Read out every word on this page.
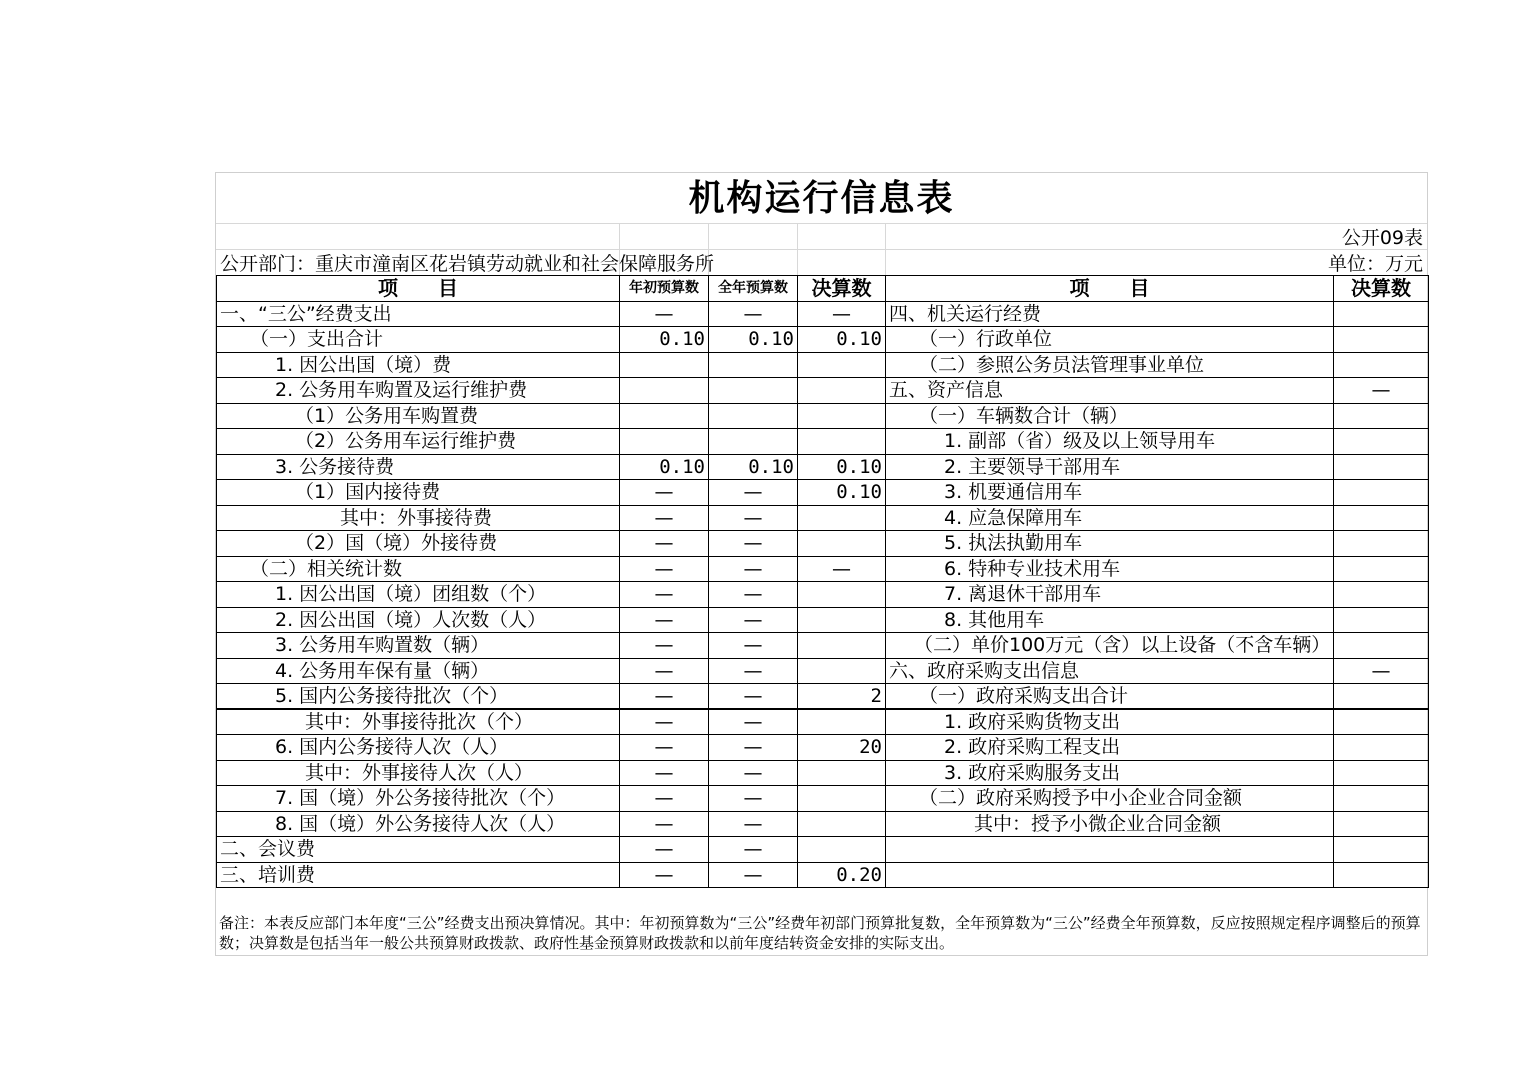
机构运行信息表
公开09表
公开部门：重庆市潼南区花岩镇劳动就业和社会保障服务所	单位：万元
项　　目	年初预算数	全年预算数	决算数	项　　目	决算数
一、“三公”经费支出	—	—	—	四、机关运行经费	
（一）支出合计	0.10	0.10	0.10	（一）行政单位	
1. 因公出国（境）费				（二）参照公务员法管理事业单位	
2. 公务用车购置及运行维护费				五、资产信息	—
（1）公务用车购置费				（一）车辆数合计（辆）	
（2）公务用车运行维护费				1. 副部（省）级及以上领导用车	
3. 公务接待费	0.10	0.10	0.10	2. 主要领导干部用车	
（1）国内接待费	—	—	0.10	3. 机要通信用车	
其中：外事接待费	—	—		4. 应急保障用车	
（2）国（境）外接待费	—	—		5. 执法执勤用车	
（二）相关统计数	—	—	—	6. 特种专业技术用车	
1. 因公出国（境）团组数（个）	—	—		7. 离退休干部用车	
2. 因公出国（境）人次数（人）	—	—		8. 其他用车	
3. 公务用车购置数（辆）	—	—		（二）单价100万元（含）以上设备（不含车辆）	
4. 公务用车保有量（辆）	—	—		六、政府采购支出信息	—
5. 国内公务接待批次（个）	—	—	2	（一）政府采购支出合计	
其中：外事接待批次（个）	—	—		1. 政府采购货物支出	
6. 国内公务接待人次（人）	—	—	20	2. 政府采购工程支出	
其中：外事接待人次（人）	—	—		3. 政府采购服务支出	
7. 国（境）外公务接待批次（个）	—	—		（二）政府采购授予中小企业合同金额	
8. 国（境）外公务接待人次（人）	—	—		其中：授予小微企业合同金额	
二、会议费	—	—			
三、培训费	—	—	0.20		
备注：本表反应部门本年度“三公”经费支出预决算情况。其中：年初预算数为“三公”经费年初部门预算批复数，全年预算数为“三公”经费全年预算数，反应按照规定程序调整后的预算数；决算数是包括当年一般公共预算财政拨款、政府性基金预算财政拨款和以前年度结转资金安排的实际支出。
